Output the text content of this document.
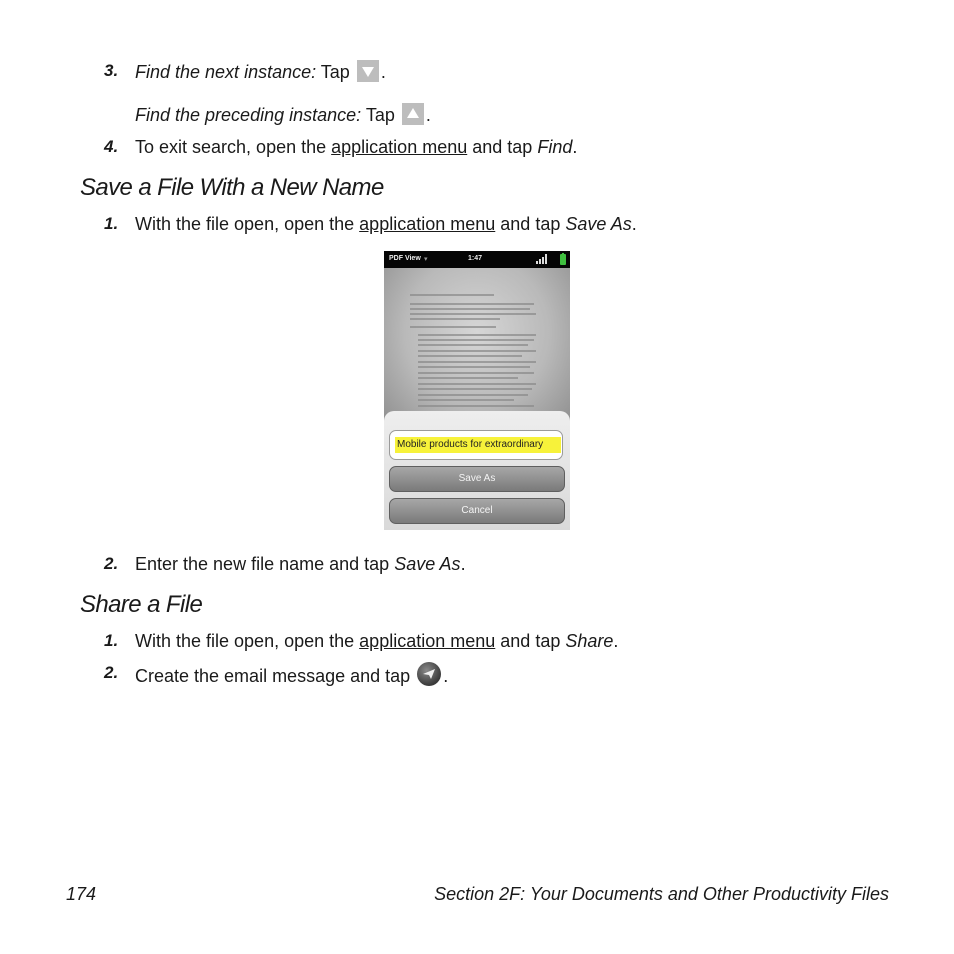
3. Find the next instance: Tap .
Find the preceding instance: Tap .
4. To exit search, open the application menu and tap Find.
Save a File With a New Name
1. With the file open, open the application menu and tap Save As.
PDF View ▾	1:47
Mobile products for extraordinary
Save As
Cancel
2. Enter the new file name and tap Save As.
Share a File
1. With the file open, open the application menu and tap Share.
2. Create the email message and tap .
174	Section 2F: Your Documents and Other Productivity Files
